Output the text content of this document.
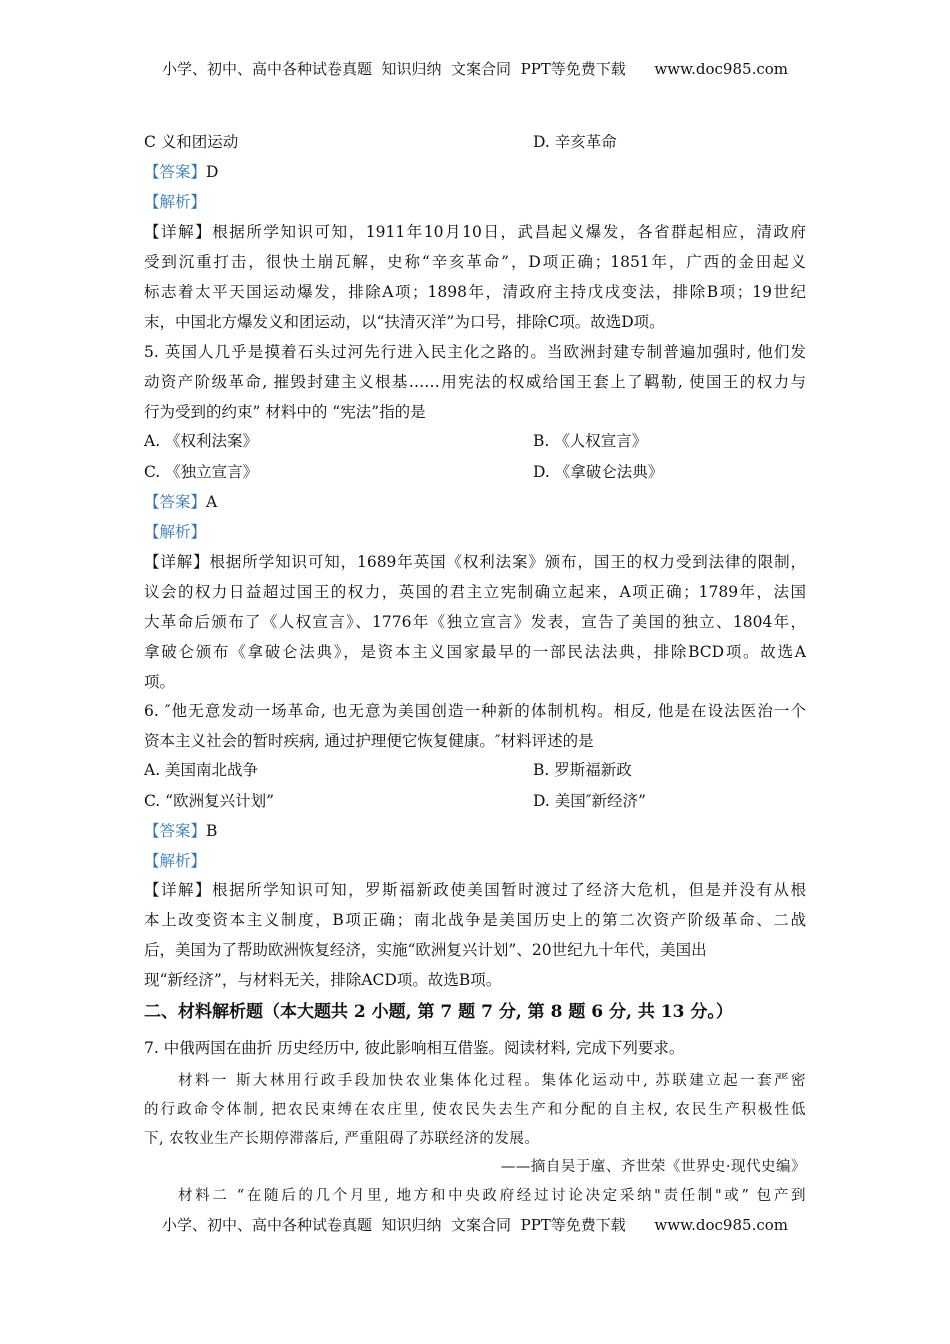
小学、初中、高中各种试卷真题  知识归纳  文案合同  PPT等免费下载      www.doc985.com
C 义和团运动	D. 辛亥革命
【答案】D
【解析】
【详解】根据所学知识可知，1911年10月10日，武昌起义爆发，各省群起相应，清政府
受到沉重打击，很快土崩瓦解，史称“辛亥革命”，D项正确；1851年，广西的金田起义
标志着太平天国运动爆发，排除A项；1898年，清政府主持戊戌变法，排除B项；19世纪
末，中国北方爆发义和团运动，以“扶清灭洋”为口号，排除C项。故选D项。
5. 英国人几乎是摸着石头过河先行进入民主化之路的。当欧洲封建专制普遍加强时, 他们发
动资产阶级革命, 摧毁封建主义根基……用宪法的权威给国王套上了羁勒, 使国王的权力与
行为受到的约束” 材料中的 “宪法”指的是
A. 《权利法案》	B. 《人权宣言》
C. 《独立宣言》	D. 《拿破仑法典》
【答案】A
【解析】
【详解】根据所学知识可知，1689年英国《权利法案》颁布，国王的权力受到法律的限制，
议会的权力日益超过国王的权力，英国的君主立宪制确立起来，A项正确；1789年，法国
大革命后颁布了《人权宣言》、1776年《独立宣言》发表，宣告了美国的独立、1804年，
拿破仑颁布《拿破仑法典》，是资本主义国家最早的一部民法法典，排除BCD项。故选A
项。
6. ″他无意发动一场革命, 也无意为美国创造一种新的体制机构。相反, 他是在设法医治一个
资本主义社会的暂时疾病, 通过护理便它恢复健康。″材料评述的是
A. 美国南北战争	B. 罗斯福新政
C. “欧洲复兴计划”	D. 美国″新经济”
【答案】B
【解析】
【详解】根据所学知识可知，罗斯福新政使美国暂时渡过了经济大危机，但是并没有从根
本上改变资本主义制度，B项正确；南北战争是美国历史上的第二次资产阶级革命、二战
后，美国为了帮助欧洲恢复经济，实施“欧洲复兴计划”、20世纪九十年代，美国出
现“新经济”，与材料无关，排除ACD项。故选B项。
二、材料解析题（本大题共 2 小题, 第 7 题 7 分, 第 8 题 6 分, 共 13 分。）
7. 中俄两国在曲折 历史经历中, 彼此影响相互借鉴。阅读材料, 完成下列要求。
材料一 斯大林用行政手段加快农业集体化过程。集体化运动中, 苏联建立起一套严密
的行政命令体制, 把农民束缚在农庄里, 使农民失去生产和分配的自主权, 农民生产积极性低
下, 农牧业生产长期停滞落后, 严重阻碍了苏联经济的发展。
——摘自吴于廑、齐世荣《世界史·现代史编》
材料二 “在随后的几个月里, 地方和中央政府经过讨论决定采纳"责任制"或” 包产到
小学、初中、高中各种试卷真题  知识归纳  文案合同  PPT等免费下载      www.doc985.com
